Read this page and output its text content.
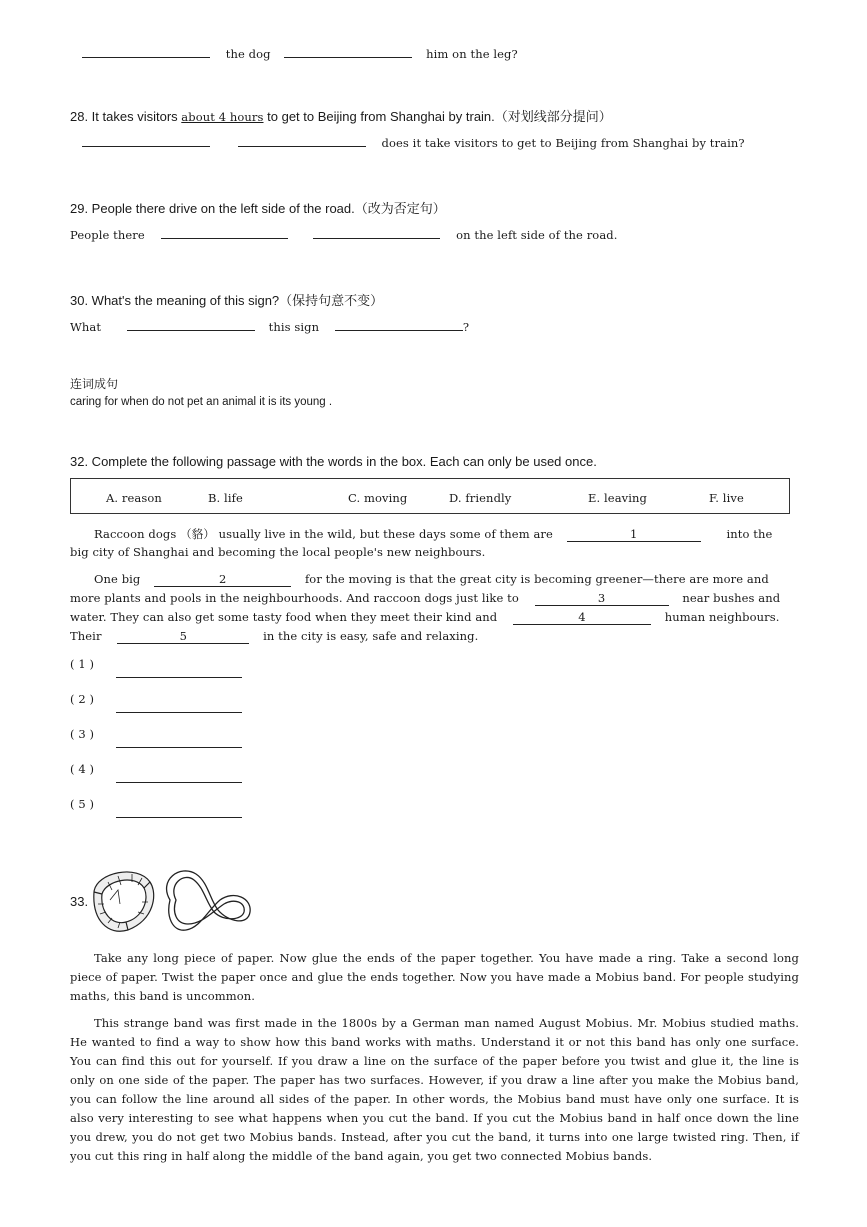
the dog	him on the leg?
28. It takes visitors about 4 hours to get to Beijing from Shanghai by train.（对划线部分提问）
does it take visitors to get to Beijing from Shanghai by train?
29. People there drive on the left side of the road.（改为否定句）
People there	on the left side of the road.
30. What's the meaning of this sign?（保持句意不变）
What	this sign	?
连词成句
caring for when do not pet an animal it is its young .
32. Complete the following passage with the words in the box. Each can only be used once.
A. reason	B. life	C. moving	D. friendly	E. leaving	F. live
Raccoon dogs （貉） usually live in the wild, but these days some of them are	1	into the
big city of Shanghai and becoming the local people's new neighbours.
One big	2	for the moving is that the great city is becoming greener—there are more and
more plants and pools in the neighbourhoods. And raccoon dogs just like to	3	near bushes and
water. They can also get some tasty food when they meet their kind and	4	human neighbours.
Their	5	in the city is easy, safe and relaxing.
( 1 )
( 2 )
( 3 )
( 4 )
( 5 )
33.
Take any long piece of paper. Now glue the ends of the paper together. You have made a ring. Take a second long piece of paper. Twist the paper once and glue the ends together. Now you have made a Mobius band. For people studying maths, this band is uncommon.
This strange band was first made in the 1800s by a German man named August Mobius. Mr. Mobius studied maths. He wanted to find a way to show how this band works with maths. Understand it or not this band has only one surface. You can find this out for yourself. If you draw a line on the surface of the paper before you twist and glue it, the line is only on one side of the paper. The paper has two surfaces. However, if you draw a line after you make the Mobius band, you can follow the line around all sides of the paper. In other words, the Mobius band must have only one surface. It is also very interesting to see what happens when you cut the band. If you cut the Mobius band in half once down the line you drew, you do not get two Mobius bands. Instead, after you cut the band, it turns into one large twisted ring. Then, if you cut this ring in half along the middle of the band again, you get two connected Mobius bands.
